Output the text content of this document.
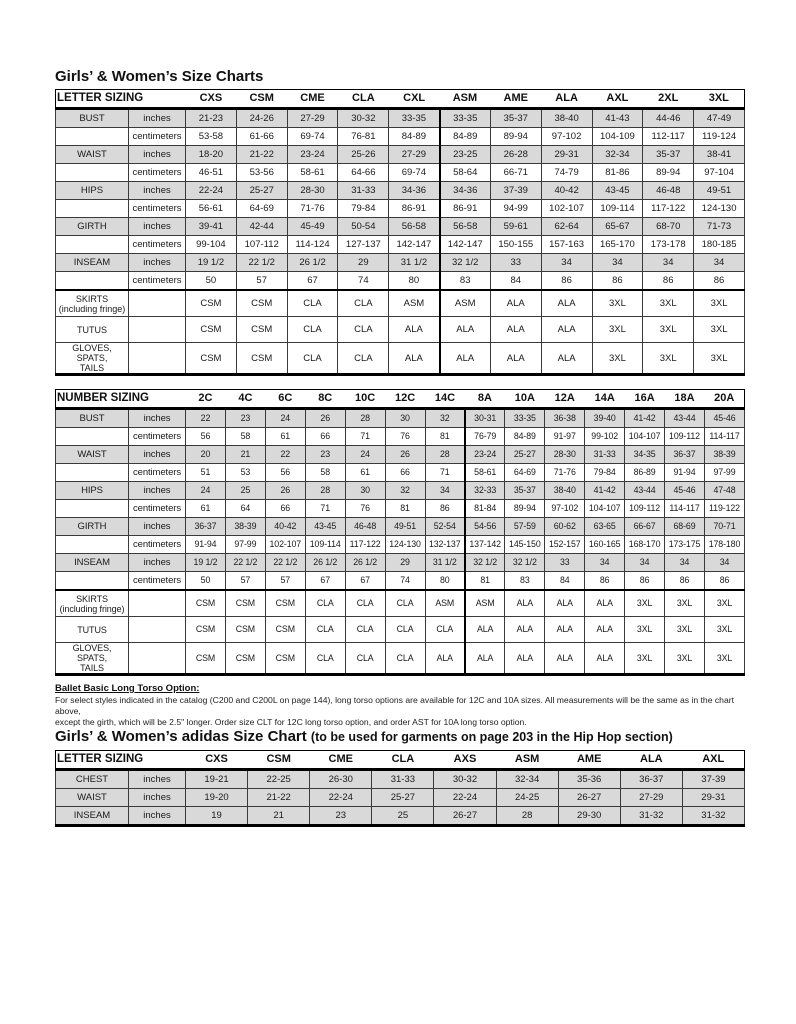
Girls’ & Women’s Size Charts
LETTER SIZING		CXS	CSM	CME	CLA	CXL	ASM	AME	ALA	AXL	2XL	3XL
BUST	inches	21-23	24-26	27-29	30-32	33-35	33-35	35-37	38-40	41-43	44-46	47-49
	centimeters	53-58	61-66	69-74	76-81	84-89	84-89	89-94	97-102	104-109	112-117	119-124
WAIST	inches	18-20	21-22	23-24	25-26	27-29	23-25	26-28	29-31	32-34	35-37	38-41
	centimeters	46-51	53-56	58-61	64-66	69-74	58-64	66-71	74-79	81-86	89-94	97-104
HIPS	inches	22-24	25-27	28-30	31-33	34-36	34-36	37-39	40-42	43-45	46-48	49-51
	centimeters	56-61	64-69	71-76	79-84	86-91	86-91	94-99	102-107	109-114	117-122	124-130
GIRTH	inches	39-41	42-44	45-49	50-54	56-58	56-58	59-61	62-64	65-67	68-70	71-73
	centimeters	99-104	107-112	114-124	127-137	142-147	142-147	150-155	157-163	165-170	173-178	180-185
INSEAM	inches	19 1/2	22 1/2	26 1/2	29	31 1/2	32 1/2	33	34	34	34	34
	centimeters	50	57	67	74	80	83	84	86	86	86	86
SKIRTS
(including fringe)		CSM	CSM	CLA	CLA	ASM	ASM	ALA	ALA	3XL	3XL	3XL
TUTUS		CSM	CSM	CLA	CLA	ALA	ALA	ALA	ALA	3XL	3XL	3XL
GLOVES, SPATS,
TAILS		CSM	CSM	CLA	CLA	ALA	ALA	ALA	ALA	3XL	3XL	3XL
NUMBER SIZING		2C	4C	6C	8C	10C	12C	14C	8A	10A	12A	14A	16A	18A	20A
BUST	inches	22	23	24	26	28	30	32	30-31	33-35	36-38	39-40	41-42	43-44	45-46
	centimeters	56	58	61	66	71	76	81	76-79	84-89	91-97	99-102	104-107	109-112	114-117
WAIST	inches	20	21	22	23	24	26	28	23-24	25-27	28-30	31-33	34-35	36-37	38-39
	centimeters	51	53	56	58	61	66	71	58-61	64-69	71-76	79-84	86-89	91-94	97-99
HIPS	inches	24	25	26	28	30	32	34	32-33	35-37	38-40	41-42	43-44	45-46	47-48
	centimeters	61	64	66	71	76	81	86	81-84	89-94	97-102	104-107	109-112	114-117	119-122
GIRTH	inches	36-37	38-39	40-42	43-45	46-48	49-51	52-54	54-56	57-59	60-62	63-65	66-67	68-69	70-71
	centimeters	91-94	97-99	102-107	109-114	117-122	124-130	132-137	137-142	145-150	152-157	160-165	168-170	173-175	178-180
INSEAM	inches	19 1/2	22 1/2	22 1/2	26 1/2	26 1/2	29	31 1/2	32 1/2	32 1/2	33	34	34	34	34
	centimeters	50	57	57	67	67	74	80	81	83	84	86	86	86	86
SKIRTS
(including fringe)		CSM	CSM	CSM	CLA	CLA	CLA	ASM	ASM	ALA	ALA	ALA	3XL	3XL	3XL
TUTUS		CSM	CSM	CSM	CLA	CLA	CLA	CLA	ALA	ALA	ALA	ALA	3XL	3XL	3XL
GLOVES, SPATS,
TAILS		CSM	CSM	CSM	CLA	CLA	CLA	ALA	ALA	ALA	ALA	ALA	3XL	3XL	3XL

Ballet Basic Long Torso Option:

For select styles indicated in the catalog (C200 and C200L on page 144), long torso options are available for 12C and 10A sizes. All measurements will be the same as in the chart above,
except the girth, which will be 2.5" longer. Order size CLT for 12C long torso option, and order AST for 10A long torso option.

Girls’ & Women’s adidas Size Chart (to be used for garments on page 203 in the Hip Hop section)
LETTER SIZING		CXS	CSM	CME	CLA	AXS	ASM	AME	ALA	AXL
CHEST	inches	19-21	22-25	26-30	31-33	30-32	32-34	35-36	36-37	37-39
WAIST	inches	19-20	21-22	22-24	25-27	22-24	24-25	26-27	27-29	29-31
INSEAM	inches	19	21	23	25	26-27	28	29-30	31-32	31-32
